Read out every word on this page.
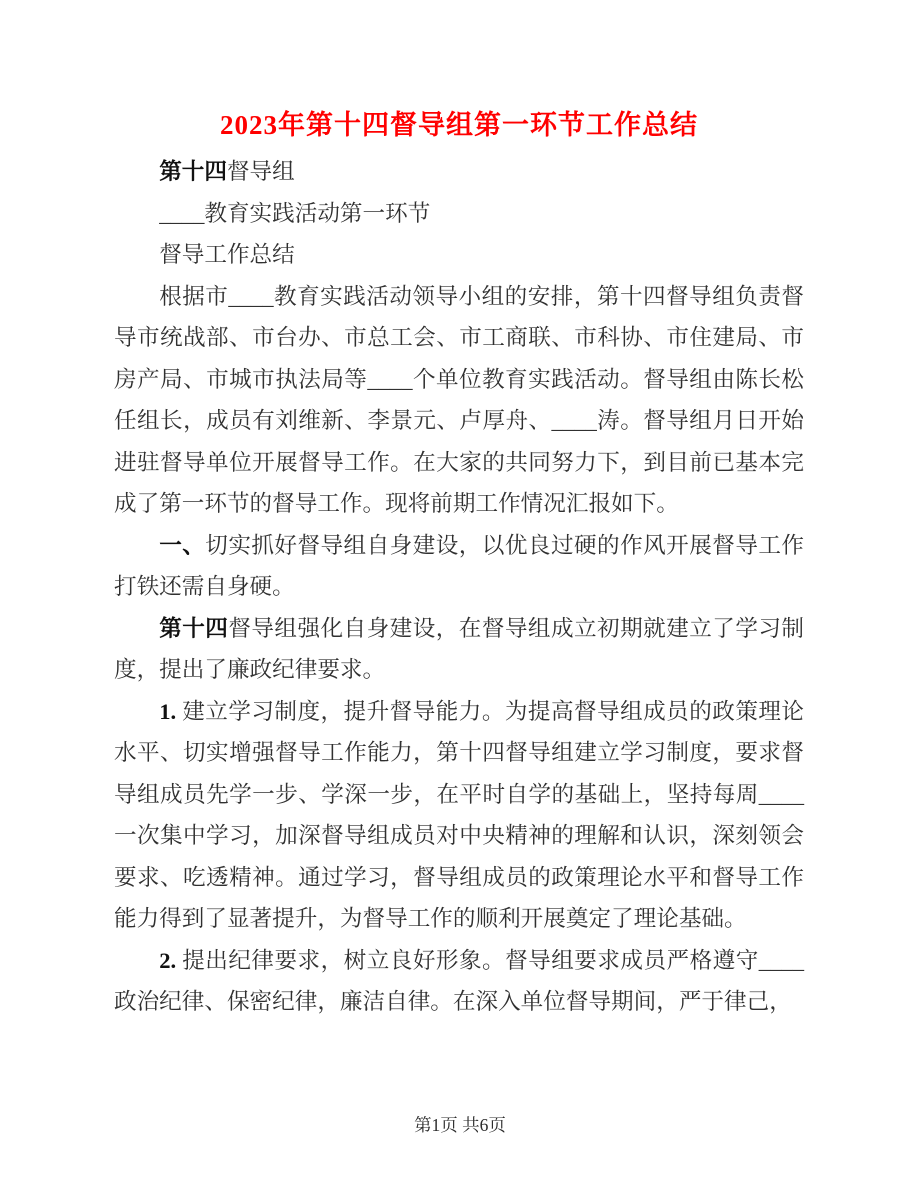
2023年第十四督导组第一环节工作总结
第十四督导组
____教育实践活动第一环节
督导工作总结
根据市____教育实践活动领导小组的安排，第十四督导组负责督导市统战部、市台办、市总工会、市工商联、市科协、市住建局、市房产局、市城市执法局等____个单位教育实践活动。督导组由陈长松任组长，成员有刘维新、李景元、卢厚舟、____涛。督导组月日开始进驻督导单位开展督导工作。在大家的共同努力下，到目前已基本完成了第一环节的督导工作。现将前期工作情况汇报如下。
一、切实抓好督导组自身建设，以优良过硬的作风开展督导工作打铁还需自身硬。
第十四督导组强化自身建设，在督导组成立初期就建立了学习制度，提出了廉政纪律要求。
1. 建立学习制度，提升督导能力。为提高督导组成员的政策理论水平、切实增强督导工作能力，第十四督导组建立学习制度，要求督导组成员先学一步、学深一步，在平时自学的基础上，坚持每周____一次集中学习，加深督导组成员对中央精神的理解和认识，深刻领会要求、吃透精神。通过学习，督导组成员的政策理论水平和督导工作能力得到了显著提升，为督导工作的顺利开展奠定了理论基础。
2. 提出纪律要求，树立良好形象。督导组要求成员严格遵守____政治纪律、保密纪律，廉洁自律。在深入单位督导期间，严于律己，
第1页 共6页
